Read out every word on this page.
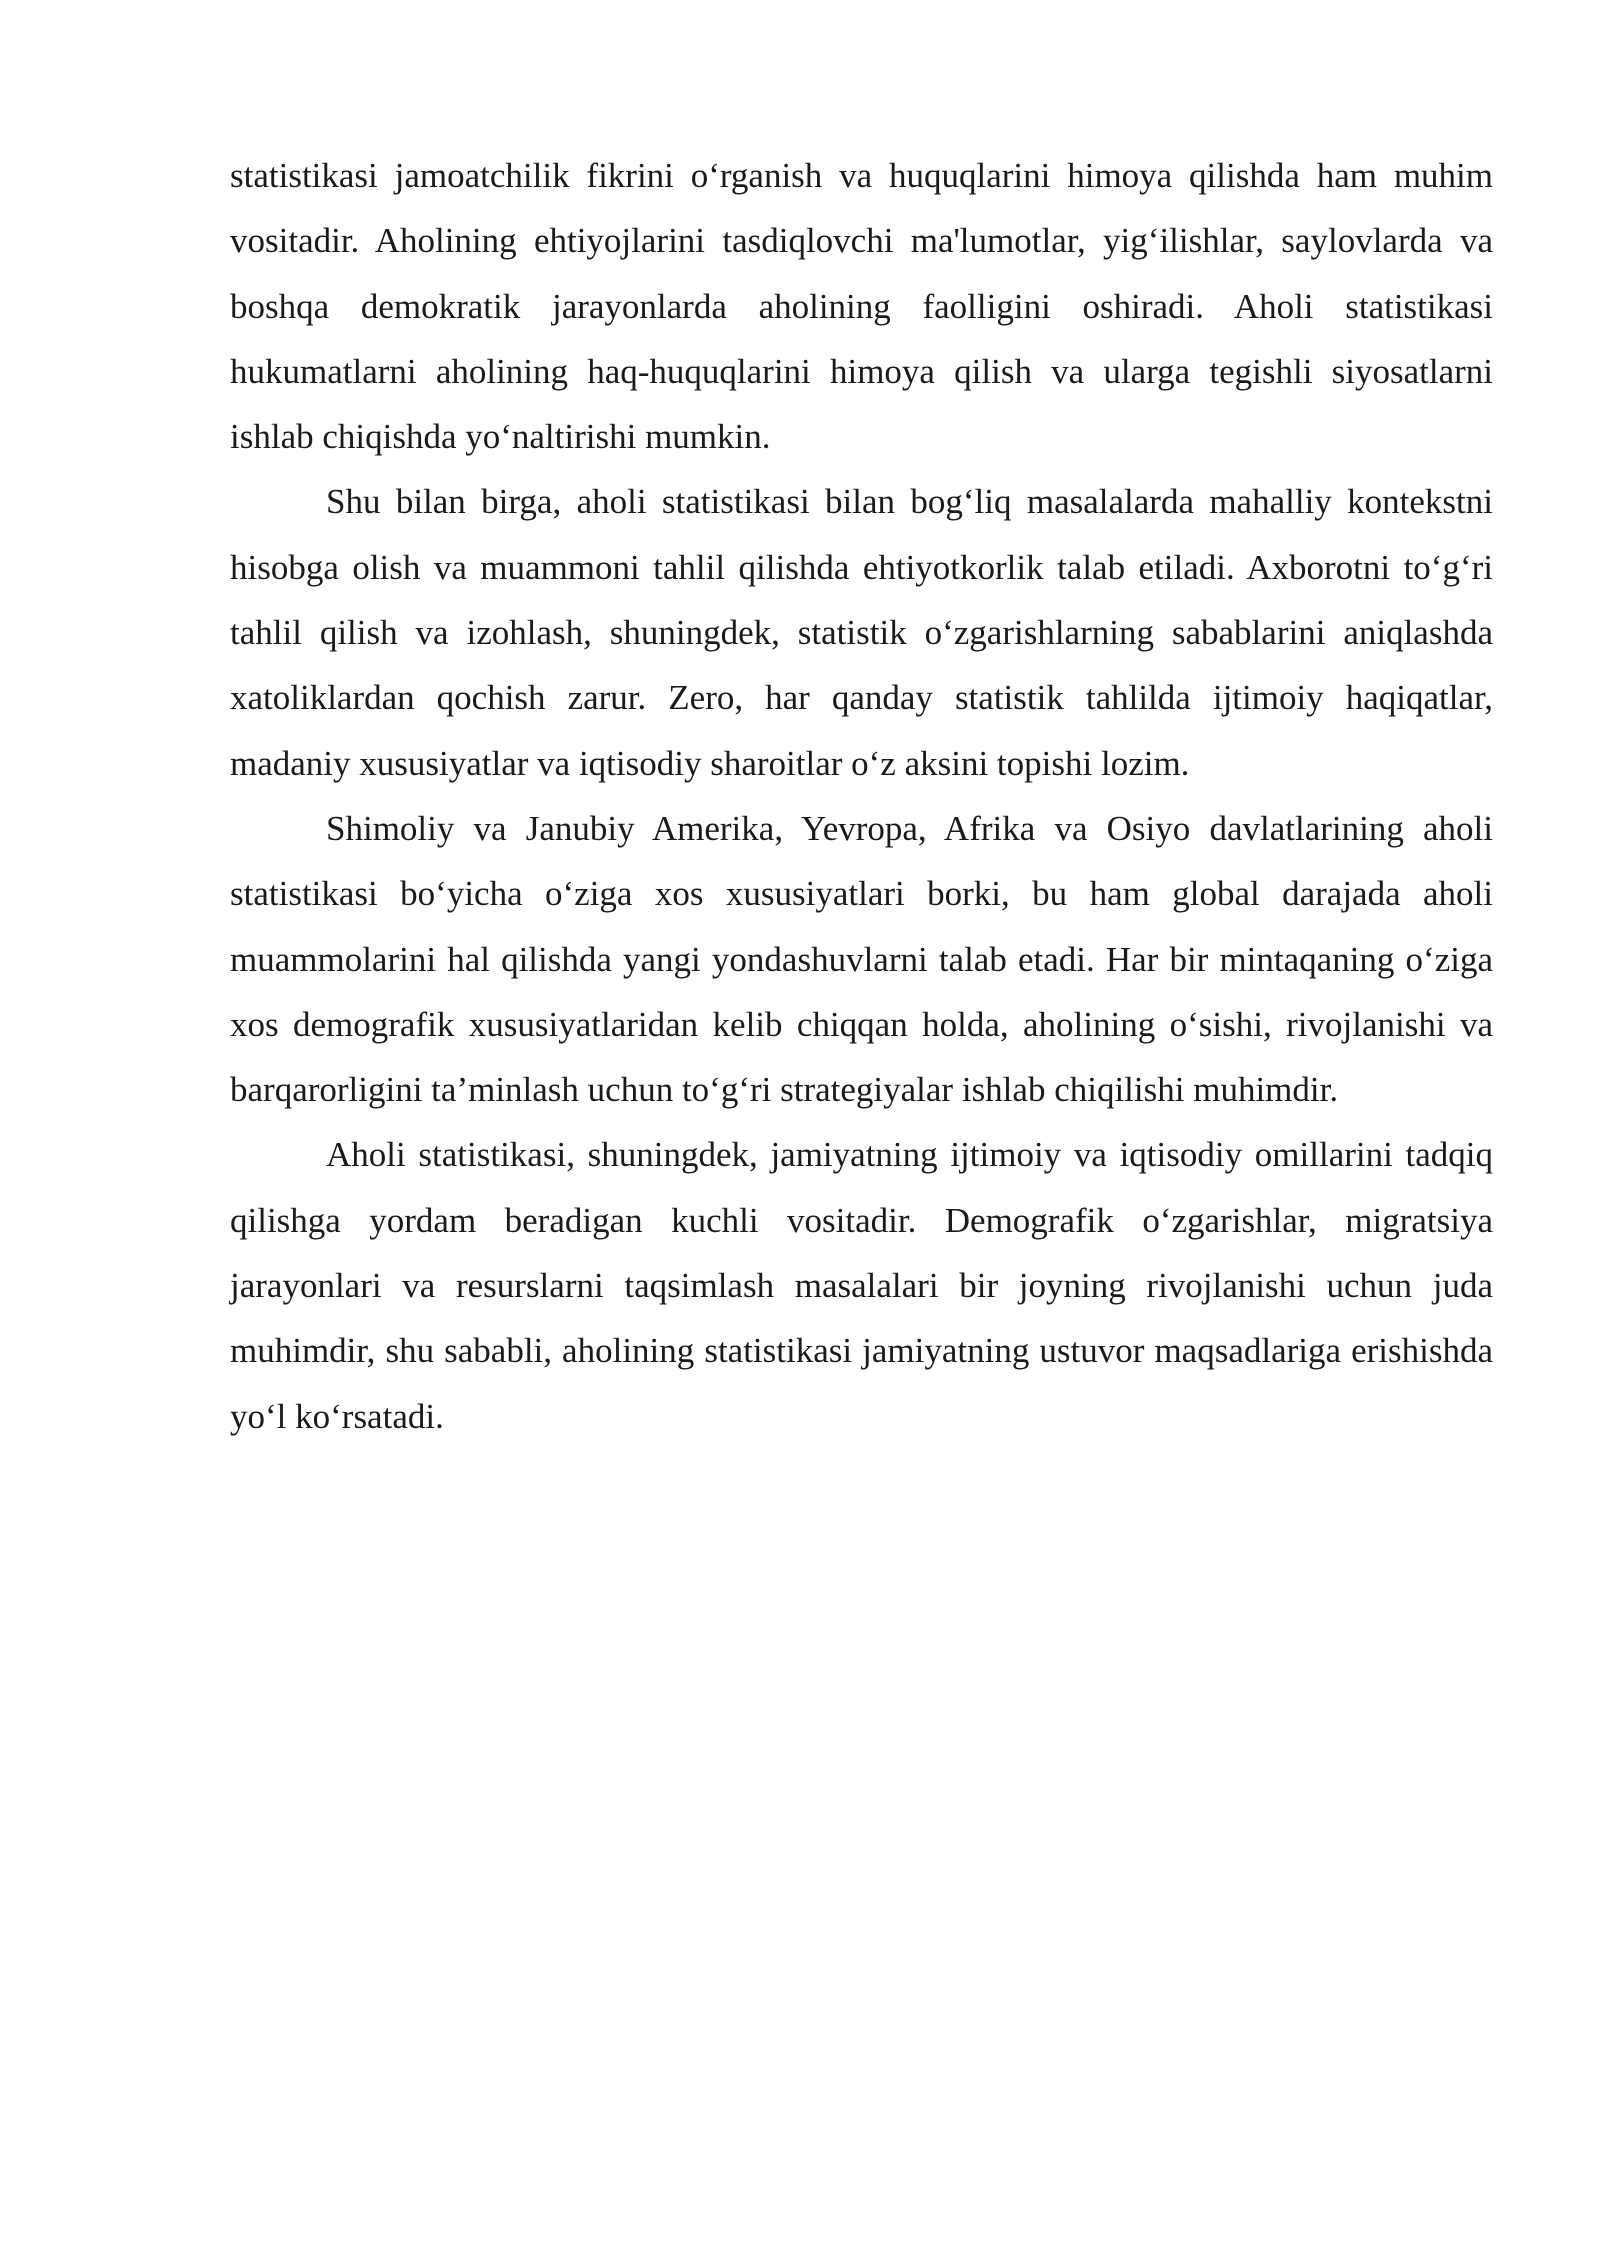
statistikasi jamoatchilik fikrini o‘rganish va huquqlarini himoya qilishda ham muhim vositadir. Aholining ehtiyojlarini tasdiqlovchi ma'lumotlar, yig‘ilishlar, saylovlarda va boshqa demokratik jarayonlarda aholining faolligini oshiradi. Aholi statistikasi hukumatlarni aholining haq-huquqlarini himoya qilish va ularga tegishli siyosatlarni ishlab chiqishda yo‘naltirishi mumkin.

Shu bilan birga, aholi statistikasi bilan bog‘liq masalalarda mahalliy kontekstni hisobga olish va muammoni tahlil qilishda ehtiyotkorlik talab etiladi. Axborotni to‘g‘ri tahlil qilish va izohlash, shuningdek, statistik o‘zgarishlarning sabablarini aniqlashda xatoliklardan qochish zarur. Zero, har qanday statistik tahlilda ijtimoiy haqiqatlar, madaniy xususiyatlar va iqtisodiy sharoitlar o‘z aksini topishi lozim.

Shimoliy va Janubiy Amerika, Yevropa, Afrika va Osiyo davlatlarining aholi statistikasi bo‘yicha o‘ziga xos xususiyatlari borki, bu ham global darajada aholi muammolarini hal qilishda yangi yondashuvlarni talab etadi. Har bir mintaqaning o‘ziga xos demografik xususiyatlaridan kelib chiqqan holda, aholining o‘sishi, rivojlanishi va barqarorligini ta’minlash uchun to‘g‘ri strategiyalar ishlab chiqilishi muhimdir.

Aholi statistikasi, shuningdek, jamiyatning ijtimoiy va iqtisodiy omillarini tadqiq qilishga yordam beradigan kuchli vositadir. Demografik o‘zgarishlar, migratsiya jarayonlari va resurslarni taqsimlash masalalari bir joyning rivojlanishi uchun juda muhimdir, shu sababli, aholining statistikasi jamiyatning ustuvor maqsadlariga erishishda yo‘l ko‘rsatadi.
